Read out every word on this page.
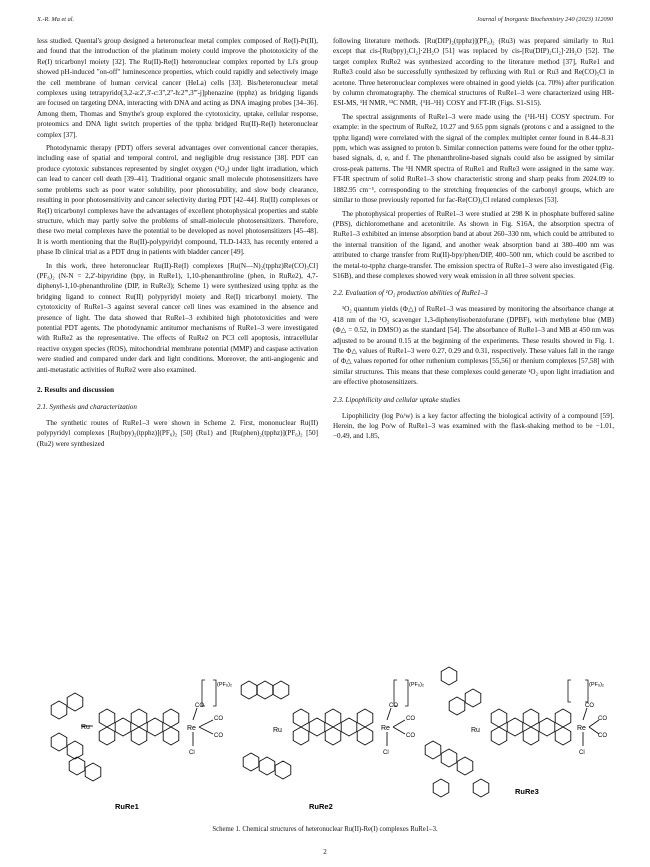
X.-R. Ma et al.	Journal of Inorganic Biochemistry 240 (2023) 112090

less studied. Quental's group designed a heteronuclear metal complex composed of Re(I)-Pt(II), and found that the introduction of the platinum moiety could improve the phototoxicity of the Re(I) tricarbonyl moiety [32]. The Ru(II)-Re(I) heteronuclear complex reported by Li's group showed pH-induced "on-off" luminescence properties, which could rapidly and selectively image the cell membrane of human cervical cancer (HeLa) cells [33]. Bis/heteronuclear metal complexes using tetrapyrido[3,2-a:2',3'-c:3'',2''-h:2''',3'''-j]phenazine (tpphz) as bridging ligands are focused on targeting DNA, interacting with DNA and acting as DNA imaging probes [34–36]. Among them, Thomas and Smythe's group explored the cytotoxicity, uptake, cellular response, proteomics and DNA light switch properties of the tpphz bridged Ru(II)-Re(I) heteronuclear complex [37].

Photodynamic therapy (PDT) offers several advantages over conventional cancer therapies, including ease of spatial and temporal control, and negligible drug resistance [38]. PDT can produce cytotoxic substances represented by singlet oxygen (¹O₂) under light irradiation, which can lead to cancer cell death [39–41]. Traditional organic small molecule photosensitizers have some problems such as poor water solubility, poor photostability, and slow body clearance, resulting in poor photosensitivity and cancer selectivity during PDT [42–44]. Ru(II) complexes or Re(I) tricarbonyl complexes have the advantages of excellent photophysical properties and stable structure, which may partly solve the problems of small-molecule photosensitizers. Therefore, these two metal complexes have the potential to be developed as novel photosensitizers [45–48]. It is worth mentioning that the Ru(II)-polypyridyl compound, TLD-1433, has recently entered a phase Ib clinical trial as a PDT drug in patients with bladder cancer [49].

In this work, three heteronuclear Ru(II)-Re(I) complexes [Ru(N—N)₂(tpphz)Re(CO)₃Cl](PF₆)₂ (N-N = 2,2'-bipyridine (bpy, in RuRe1), 1,10-phenanthroline (phen, in RuRe2), 4,7-diphenyl-1,10-phenanthroline (DIP, in RuRe3); Scheme 1) were synthesized using tpphz as the bridging ligand to connect Ru(II) polypyridyl moiety and Re(I) tricarbonyl moiety. The cytotoxicity of RuRe1–3 against several cancer cell lines was examined in the absence and presence of light. The data showed that RuRe1–3 exhibited high phototoxicities and were potential PDT agents. The photodynamic antitumor mechanisms of RuRe1–3 were investigated with RuRe2 as the representative. The effects of RuRe2 on PC3 cell apoptosis, intracellular reactive oxygen species (ROS), mitochondrial membrane potential (MMP) and caspase activation were studied and compared under dark and light conditions. Moreover, the anti-angiogenic and anti-metastatic activities of RuRe2 were also examined.

2. Results and discussion
2.1. Synthesis and characterization

The synthetic routes of RuRe1–3 were shown in Scheme 2. First, mononuclear Ru(II) polypyridyl complexes [Ru(bpy)₂(tpphz)](PF₆)₂ [50] (Ru1) and [Ru(phen)₂(tpphz)](PF₆)₂ [50] (Ru2) were synthesized

following literature methods. [Ru(DIP)₂(tpphz)](PF₆)₂ (Ru3) was prepared similarly to Ru1 except that cis-[Ru(bpy)₂Cl₂]·2H₂O [51] was replaced by cis-[Ru(DIP)₂Cl₂]·2H₂O [52]. The target complex RuRe2 was synthesized according to the literature method [37], RuRe1 and RuRe3 could also be successfully synthesized by refluxing with Ru1 or Ru3 and Re(CO)₅Cl in acetone. Three heteronuclear complexes were obtained in good yields (ca. 70%) after purification by column chromatography. The chemical structures of RuRe1–3 were characterized using HR-ESI-MS, ¹H NMR, ¹³C NMR, {¹H–¹H} COSY and FT-IR (Figs. S1-S15).

The spectral assignments of RuRe1–3 were made using the {¹H-¹H} COSY spectrum. For example: in the spectrum of RuRe2, 10.27 and 9.65 ppm signals (protons c and a assigned to the tpphz ligand) were correlated with the signal of the complex multiplet center found in 8.44–8.31 ppm, which was assigned to proton b. Similar connection patterns were found for the other tpphz-based signals, d, e, and f. The phenanthroline-based signals could also be assigned by similar cross-peak patterns. The ¹H NMR spectra of RuRe1 and RuRe3 were assigned in the same way. FT-IR spectrum of solid RuRe1–3 show characteristic strong and sharp peaks from 2024.09 to 1882.95 cm⁻¹, corresponding to the stretching frequencies of the carbonyl groups, which are similar to those previously reported for fac-Re(CO)₃Cl related complexes [53].

The photophysical properties of RuRe1–3 were studied at 298 K in phosphate buffered saline (PBS), dichloromethane and acetonitrile. As shown in Fig. S16A, the absorption spectra of RuRe1–3 exhibited an intense absorption band at about 260–330 nm, which could be attributed to the internal transition of the ligand, and another weak absorption band at 380–400 nm was attributed to charge transfer from Ru(II)-bpy/phen/DIP, 400–500 nm, which could be ascribed to the metal-to-tpphz charge-transfer. The emission spectra of RuRe1–3 were also investigated (Fig. S16B), and these complexes showed very weak emission in all three solvent species.

2.2. Evaluation of ¹O₂ production abilities of RuRe1–3

¹O₂ quantum yields (Φ△) of RuRe1–3 was measured by monitoring the absorbance change at 418 nm of the ¹O₂ scavenger 1,3-diphenylisobenzofurane (DPBF), with methylene blue (MB) (Φ△ = 0.52, in DMSO) as the standard [54]. The absorbance of RuRe1–3 and MB at 450 nm was adjusted to be around 0.15 at the beginning of the experiments. These results showed in Fig. 1. The Φ△ values of RuRe1–3 were 0.27, 0.29 and 0.31, respectively. These values fall in the range of Φ△ values reported for other ruthenium complexes [55,56] or rhenium complexes [57,58] with similar structures. This means that these complexes could generate ¹O₂ upon light irradiation and are effective photosensitizers.

2.3. Lipophilicity and cellular uptake studies

Lipophilicity (log Po/w) is a key factor affecting the biological activity of a compound [59]. Herein, the log Po/w of RuRe1–3 was examined with the flask-shaking method to be −1.01, −0.49, and 1.85,

Ru	Re
CO
CO
CO
Cl
(PF₆)₂
RuRe1
Ru	Re
CO
CO
CO
Cl
(PF₆)₂
RuRe2
Ru	Re
CO
CO
CO
Cl
(PF₆)₂
RuRe3
Scheme 1. Chemical structures of heteronuclear Ru(II)-Re(I) complexes RuRe1–3.
2
